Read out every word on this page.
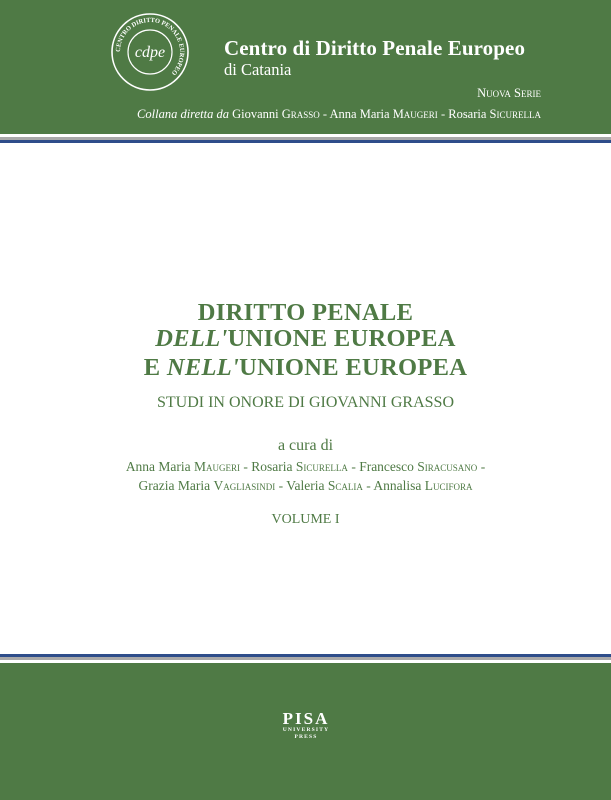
CENTRO DIRITTO PENALE EUROPEO
cdpe	Centro di Diritto Penale Europeo
di Catania
Nuova Serie
Collana diretta da Giovanni Grasso - Anna Maria Maugeri - Rosaria Sicurella
DIRITTO PENALE
DELL'UNIONE EUROPEA
E NELL'UNIONE EUROPEA
STUDI IN ONORE DI GIOVANNI GRASSO
a cura di
Anna Maria Maugeri - Rosaria Sicurella - Francesco Siracusano -
Grazia Maria Vagliasindi - Valeria Scalia - Annalisa Lucifora
VOLUME I
PISA
UNIVERSITY
PRESS
